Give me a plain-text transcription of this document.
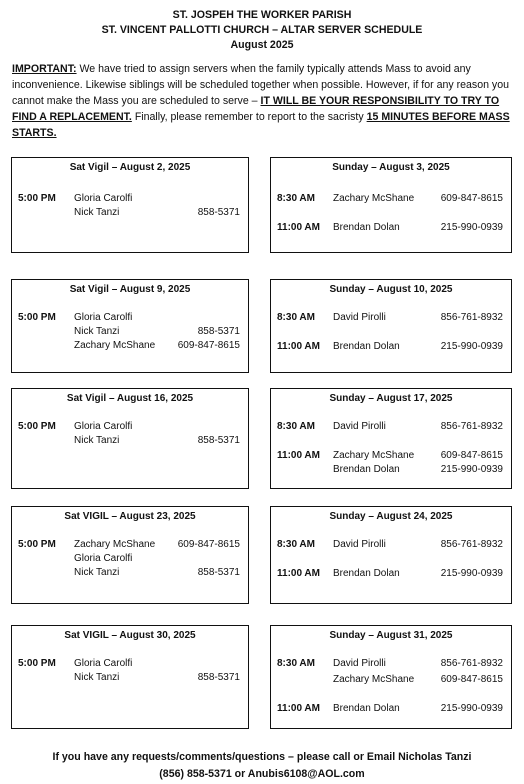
ST. JOSPEH THE WORKER PARISH
ST. VINCENT PALLOTTI CHURCH – ALTAR SERVER SCHEDULE
August 2025
IMPORTANT: We have tried to assign servers when the family typically attends Mass to avoid any inconvenience. Likewise siblings will be scheduled together when possible. However, if for any reason you cannot make the Mass you are scheduled to serve – IT WILL BE YOUR RESPONSIBILITY TO TRY TO FIND A REPLACEMENT. Finally, please remember to report to the sacristy 15 MINUTES BEFORE MASS STARTS.
Sat Vigil – August 2, 2025
5:00 PM Gloria Carolfi
Nick Tanzi	858-5371
Sunday – August 3, 2025
8:30 AM Zachary McShane	609-847-8615
11:00 AM Brendan Dolan	215-990-0939
Sat Vigil – August 9, 2025
5:00 PM Gloria Carolfi
Nick Tanzi	858-5371
Zachary McShane 609-847-8615
Sunday – August 10, 2025
8:30 AM David Pirolli	856-761-8932
11:00 AM Brendan Dolan	215-990-0939
Sat Vigil – August 16, 2025
5:00 PM Gloria Carolfi
Nick Tanzi	858-5371
Sunday – August 17, 2025
8:30 AM David Pirolli	856-761-8932
11:00 AM Zachary McShane	609-847-8615
Brendan Dolan	215-990-0939
Sat VIGIL – August 23, 2025
5:00 PM Zachary McShane 609-847-8615
Gloria Carolfi
Nick Tanzi	858-5371
Sunday – August 24, 2025
8:30 AM David Pirolli	856-761-8932
11:00 AM Brendan Dolan	215-990-0939
Sat VIGIL – August 30, 2025
5:00 PM Gloria Carolfi
Nick Tanzi	858-5371
Sunday – August 31, 2025
8:30 AM David Pirolli	856-761-8932
Zachary McShane	609-847-8615
11:00 AM Brendan Dolan	215-990-0939
If you have any requests/comments/questions – please call or Email Nicholas Tanzi
(856) 858-5371 or Anubis6108@AOL.com
